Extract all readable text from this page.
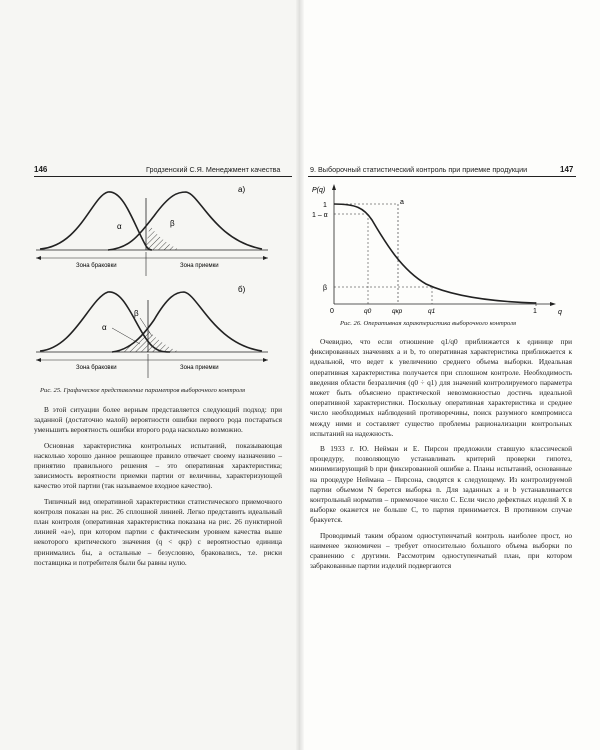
146	Гродзенский С.Я. Менеджмент качества
α	β
а)
Зона браковки	Зона приемки
α
β
б)
Зона браковки	Зона приемки
Рис. 25. Графическое представление параметров выборочного контроля

В этой ситуации более верным представляется следующий подход: при заданной (достаточно малой) вероятности ошибки первого рода постараться уменьшить вероятность ошибки второго рода насколько возможно.

Основная характеристика контрольных испытаний, показывающая насколько хорошо данное решающее правило отвечает своему назначению – принятию правильного решения – это оперативная характеристика; зависимость вероятности приемки партии от величины, характеризующей качество этой партии (так называемое входное качество).

Типичный вид оперативной характеристики статистического приемочного контроля показан на рис. 26 сплошной линией. Легко представить идеальный план контроля (оперативная характеристика показана на рис. 26 пунктирной линией «a»), при котором партии с фактическим уровнем качества выше некоторого критического значения (q < qкр) с вероятностью единица принимались бы, а остальные – безусловно, браковались, т.е. риски поставщика и потребителя были бы равны нулю.

9. Выборочный статистический контроль при приемке продукции	147
P(q)
q
1
1 – α
β
a
0	q0	qкр	q1	1
Рис. 26. Оперативная характеристика выборочного контроля

Очевидно, что если отношение q1/q0 приближается к единице при фиксированных значениях a и b, то оперативная характеристика приближается к идеальной, что ведет к увеличению среднего объема выборки. Идеальная оперативная характеристика получается при сплошном контроле. Необходимость введения области безразличия (q0 ÷ q1) для значений контролируемого параметра может быть объяснено практической невозможностью достичь идеальной оперативной характеристики. Поскольку оперативная характеристика и среднее число необходимых наблюдений противоречивы, поиск разумного компромисса между ними и составляет существо проблемы рационализации контрольных испытаний на надежность.

В 1933 г. Ю. Нейман и Е. Пирсон предложили ставшую классической процедуру, позволяющую устанавливать критерий проверки гипотез, минимизирующий b при фиксированной ошибке a. Планы испытаний, основанные на процедуре Неймана – Пирсона, сводятся к следующему. Из контролируемой партии объемом N берется выборка n. Для заданных a и b устанавливается контрольный норматив – приемочное число C. Если число дефектных изделий X в выборке окажется не больше C, то партия принимается. В противном случае бракуется.

Проводимый таким образом одноступенчатый контроль наиболее прост, но наименее экономичен – требует относительно большого объема выборки по сравнению с другими. Рассмотрим одноступенчатый план, при котором забракованные партии изделий подвергаются
